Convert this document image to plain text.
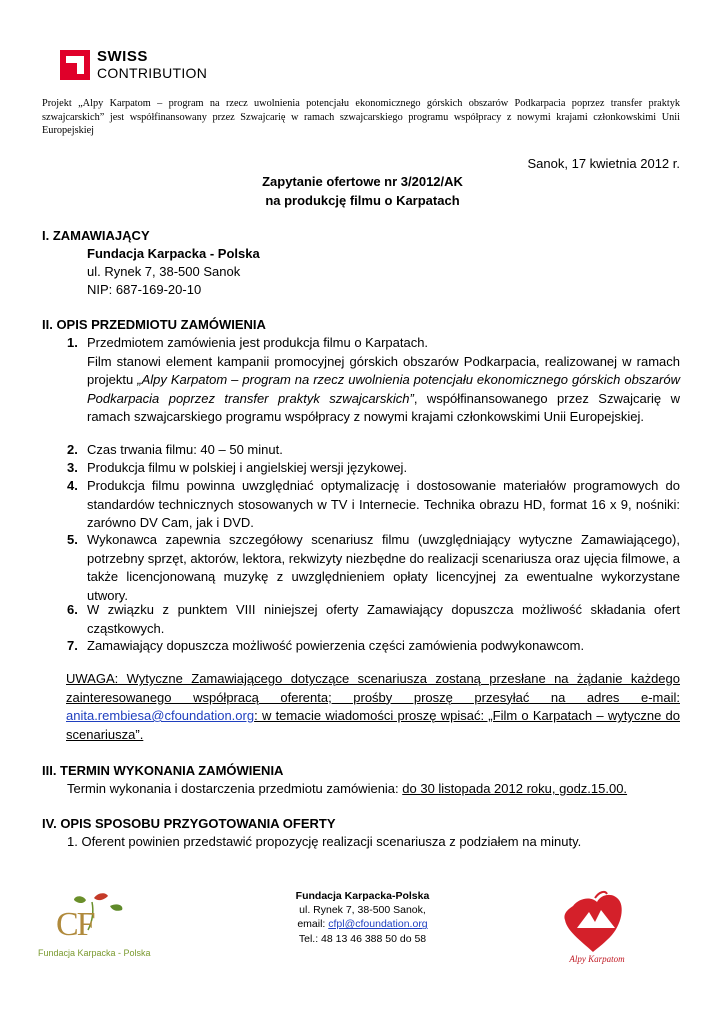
SWISS
CONTRIBUTION
Projekt „Alpy Karpatom – program na rzecz uwolnienia potencjału ekonomicznego górskich obszarów Podkarpacia poprzez transfer praktyk szwajcarskich” jest współfinansowany przez Szwajcarię w ramach szwajcarskiego programu współpracy z nowymi krajami członkowskimi Unii Europejskiej
Sanok, 17 kwietnia 2012 r.
Zapytanie ofertowe nr 3/2012/AK
na produkcję filmu o Karpatach
I. ZAMAWIAJĄCY
Fundacja Karpacka - Polska
ul. Rynek 7, 38-500 Sanok
NIP: 687-169-20-10
II. OPIS PRZEDMIOTU ZAMÓWIENIA
1. Przedmiotem zamówienia jest produkcja filmu o Karpatach.
Film stanowi element kampanii promocyjnej górskich obszarów Podkarpacia, realizowanej w ramach projektu „Alpy Karpatom – program na rzecz uwolnienia potencjału ekonomicznego górskich obszarów Podkarpacia poprzez transfer praktyk szwajcarskich”, współfinansowanego przez Szwajcarię w ramach szwajcarskiego programu współpracy z nowymi krajami członkowskimi Unii Europejskiej.
2. Czas trwania filmu: 40 – 50 minut.
3. Produkcja filmu w polskiej i angielskiej wersji językowej.
4. Produkcja filmu powinna uwzględniać optymalizację i dostosowanie materiałów programowych do standardów technicznych stosowanych w TV i Internecie. Technika obrazu HD, format 16 x 9, nośniki: zarówno DV Cam, jak i DVD.
5. Wykonawca zapewnia szczegółowy scenariusz filmu (uwzględniający wytyczne Zamawiającego), potrzebny sprzęt, aktorów, lektora, rekwizyty niezbędne do realizacji scenariusza oraz ujęcia filmowe, a także licencjonowaną muzykę z uwzględnieniem opłaty licencyjnej za ewentualne wykorzystane utwory.
6. W związku z punktem VIII niniejszej oferty Zamawiający dopuszcza możliwość składania ofert cząstkowych.
7. Zamawiający dopuszcza możliwość powierzenia części zamówienia podwykonawcom.
UWAGA: Wytyczne Zamawiającego dotyczące scenariusza zostaną przesłane na żądanie każdego zainteresowanego współpracą oferenta; prośby proszę przesyłać na adres e-mail: anita.rembiesa@cfoundation.org: w temacie wiadomości proszę wpisać: „Film o Karpatach – wytyczne do scenariusza”.
III. TERMIN WYKONANIA ZAMÓWIENIA
Termin wykonania i dostarczenia przedmiotu zamówienia: do 30 listopada 2012 roku, godz.15.00.
IV. OPIS SPOSOBU PRZYGOTOWANIA OFERTY
1. Oferent powinien przedstawić propozycję realizacji scenariusza z podziałem na minuty.
CF
Fundacja Karpacka - Polska
Fundacja Karpacka-Polska
ul. Rynek 7, 38-500 Sanok,
email: cfpl@cfoundation.org
Tel.: 48 13 46 388 50 do 58
Alpy Karpatom
